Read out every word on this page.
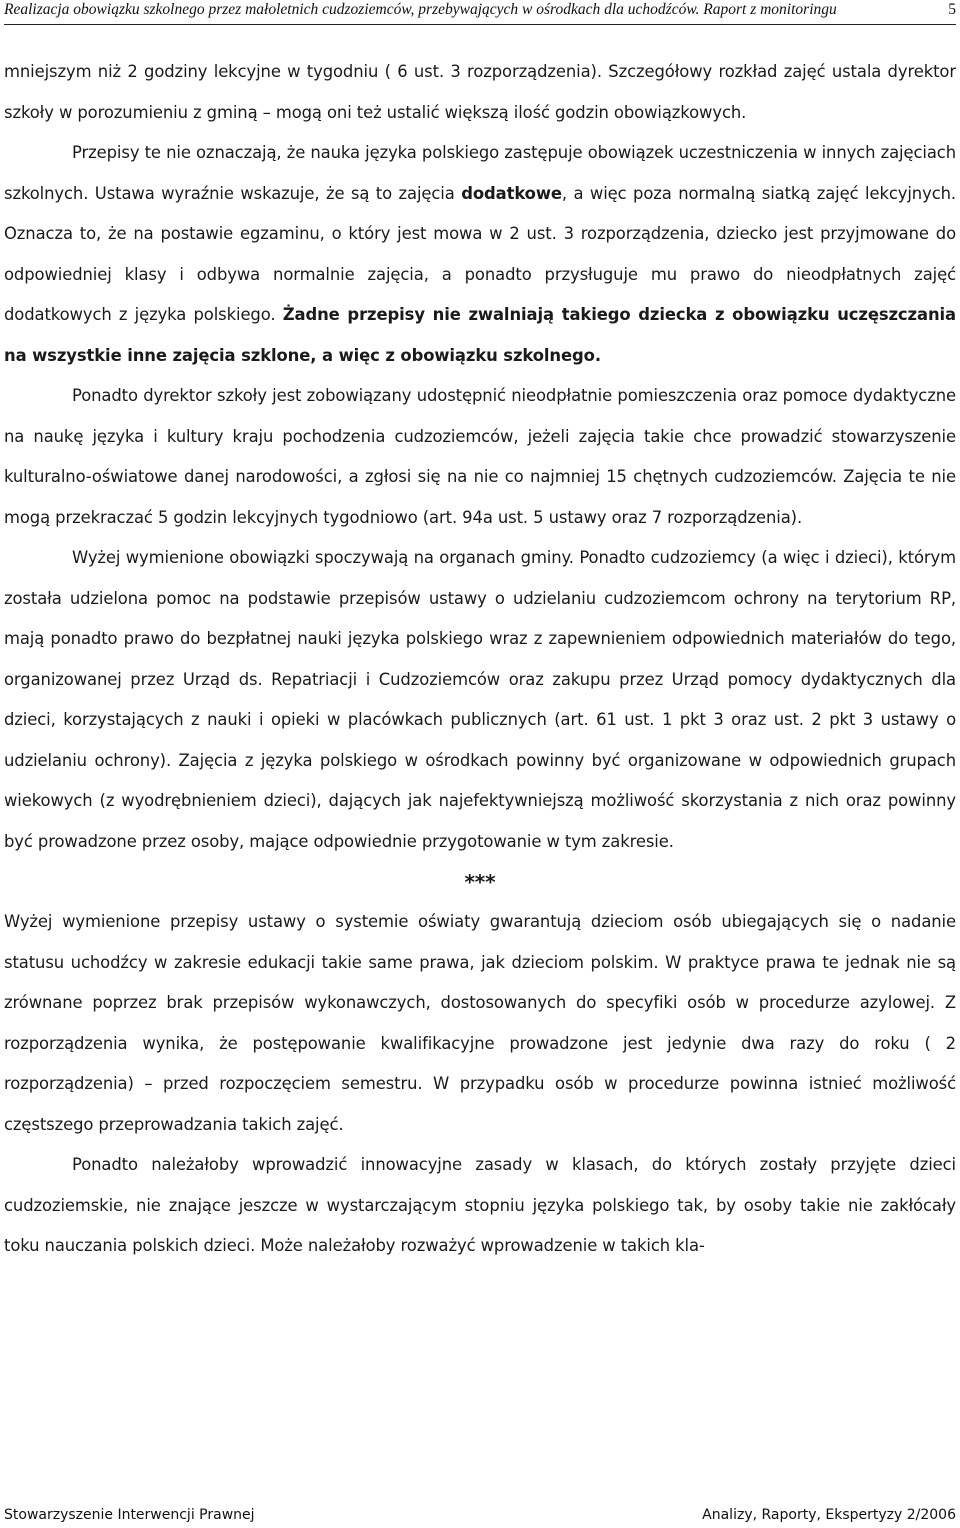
Realizacja obowiązku szkolnego przez małoletnich cudzoziemców, przebywających w ośrodkach dla uchodźców. Raport z monitoringu	5

mniejszym niż 2 godziny lekcyjne w tygodniu ( 6 ust. 3 rozporządzenia). Szczegółowy rozkład zajęć ustala dyrektor szkoły w porozumieniu z gminą – mogą oni też ustalić większą ilość godzin obowiązkowych.

Przepisy te nie oznaczają, że nauka języka polskiego zastępuje obowiązek uczestniczenia w innych zajęciach szkolnych. Ustawa wyraźnie wskazuje, że są to zajęcia dodatkowe, a więc poza normalną siatką zajęć lekcyjnych. Oznacza to, że na postawie egzaminu, o który jest mowa w 2 ust. 3 rozporządzenia, dziecko jest przyjmowane do odpowiedniej klasy i odbywa normalnie zajęcia, a ponadto przysługuje mu prawo do nieodpłatnych zajęć dodatkowych z języka polskiego. Żadne przepisy nie zwalniają takiego dziecka z obowiązku uczęszczania na wszystkie inne zajęcia szklone, a więc z obowiązku szkolnego.

Ponadto dyrektor szkoły jest zobowiązany udostępnić nieodpłatnie pomieszczenia oraz pomoce dydaktyczne na naukę języka i kultury kraju pochodzenia cudzoziemców, jeżeli zajęcia takie chce prowadzić stowarzyszenie kulturalno-oświatowe danej narodowości, a zgłosi się na nie co najmniej 15 chętnych cudzoziemców. Zajęcia te nie mogą przekraczać 5 godzin lekcyjnych tygodniowo (art. 94a ust. 5 ustawy oraz 7 rozporządzenia).

Wyżej wymienione obowiązki spoczywają na organach gminy. Ponadto cudzoziemcy (a więc i dzieci), którym została udzielona pomoc na podstawie przepisów ustawy o udzielaniu cudzoziemcom ochrony na terytorium RP, mają ponadto prawo do bezpłatnej nauki języka polskiego wraz z zapewnieniem odpowiednich materiałów do tego, organizowanej przez Urząd ds. Repatriacji i Cudzoziemców oraz zakupu przez Urząd pomocy dydaktycznych dla dzieci, korzystających z nauki i opieki w placówkach publicznych (art. 61 ust. 1 pkt 3 oraz ust. 2 pkt 3 ustawy o udzielaniu ochrony). Zajęcia z języka polskiego w ośrodkach powinny być organizowane w odpowiednich grupach wiekowych (z wyodrębnieniem dzieci), dających jak najefektywniejszą możliwość skorzystania z nich oraz powinny być prowadzone przez osoby, mające odpowiednie przygotowanie w tym zakresie.

***

Wyżej wymienione przepisy ustawy o systemie oświaty gwarantują dzieciom osób ubiegających się o nadanie statusu uchodźcy w zakresie edukacji takie same prawa, jak dzieciom polskim. W praktyce prawa te jednak nie są zrównane poprzez brak przepisów wykonawczych, dostosowanych do specyfiki osób w procedurze azylowej. Z rozporządzenia wynika, że postępowanie kwalifikacyjne prowadzone jest jedynie dwa razy do roku ( 2 rozporządzenia) – przed rozpoczęciem semestru. W przypadku osób w procedurze powinna istnieć możliwość częstszego przeprowadzania takich zajęć.

Ponadto należałoby wprowadzić innowacyjne zasady w klasach, do których zostały przyjęte dzieci cudzoziemskie, nie znające jeszcze w wystarczającym stopniu języka polskiego tak, by osoby takie nie zakłócały toku nauczania polskich dzieci. Może należałoby rozważyć wprowadzenie w takich kla-

Stowarzyszenie Interwencji Prawnej	Analizy, Raporty, Ekspertyzy 2/2006
